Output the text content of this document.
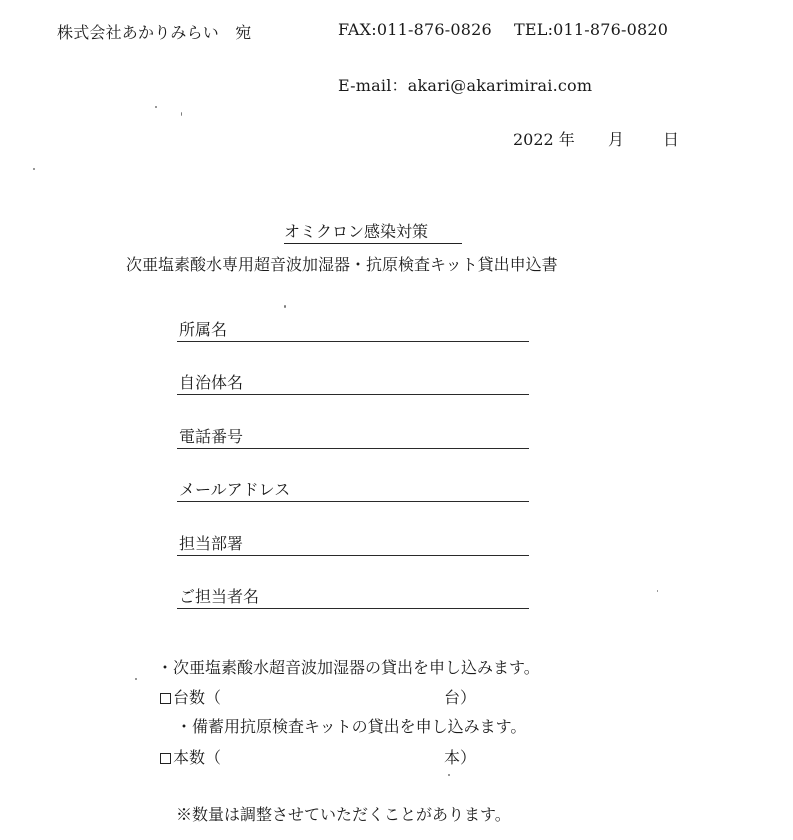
株式会社あかりみらい　宛	FAX:011-876-0826 TEL:011-876-0820
E-mail：akari@akarimirai.com
2022 年 月 日
オミクロン感染対策
次亜塩素酸水専用超音波加湿器・抗原検査キット貸出申込書
所属名
自治体名
電話番号
メールアドレス
担当部署
ご担当者名
・次亜塩素酸水超音波加湿器の貸出を申し込みます。
台数（	台）
・備蓄用抗原検査キットの貸出を申し込みます。
本数（	本）
※数量は調整させていただくことがあります。
